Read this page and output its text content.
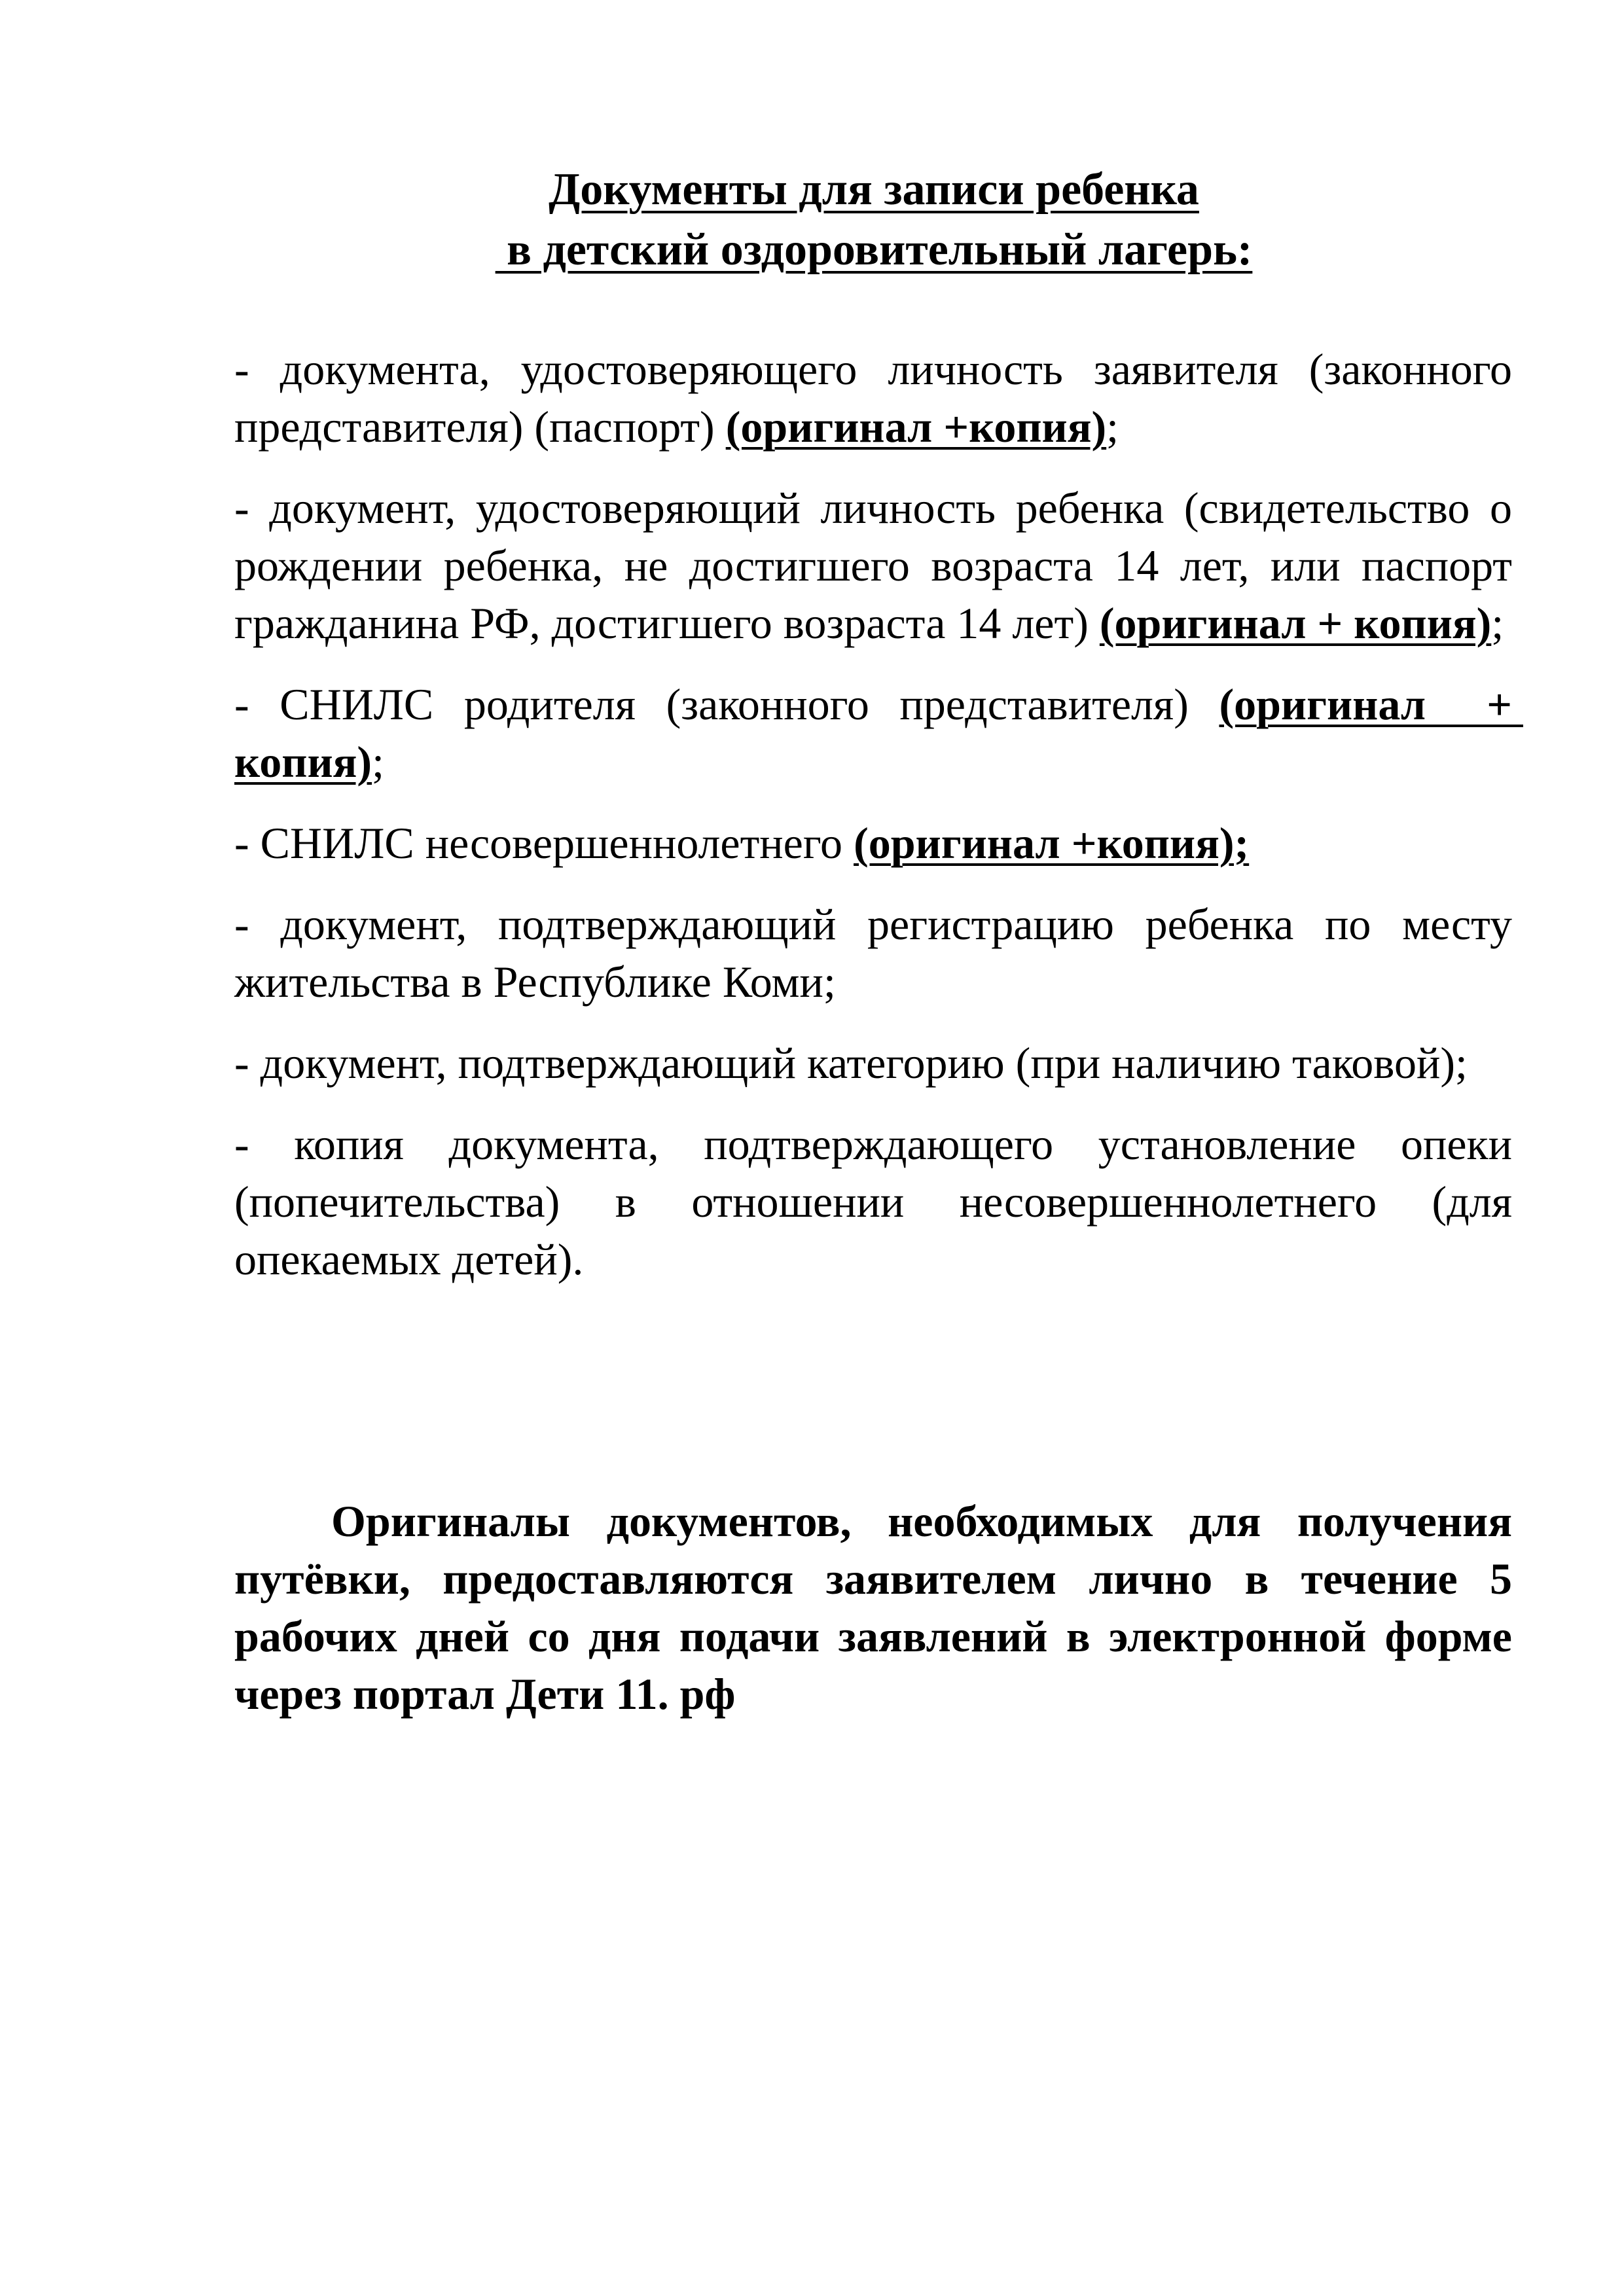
Документы для записи ребенка
в детский оздоровительный лагерь:

- документа, удостоверяющего личность заявителя (законного представителя) (паспорт) (оригинал +копия);

- документ, удостоверяющий личность ребенка (свидетельство о рождении ребенка, не достигшего возраста 14 лет, или паспорт гражданина РФ, достигшего возраста 14 лет) (оригинал + копия);

- СНИЛС родителя (законного представителя) (оригинал  + копия);

- СНИЛС несовершеннолетнего (оригинал +копия);

- документ, подтверждающий регистрацию ребенка по месту жительства в Республике Коми;

- документ, подтверждающий категорию (при наличию таковой);

- копия документа, подтверждающего установление опеки (попечительства) в отношении несовершеннолетнего (для опекаемых детей).

Оригиналы документов, необходимых для получения путёвки, предоставляются заявителем лично в течение 5 рабочих дней со дня подачи заявлений в электронной форме через портал Дети 11. рф
